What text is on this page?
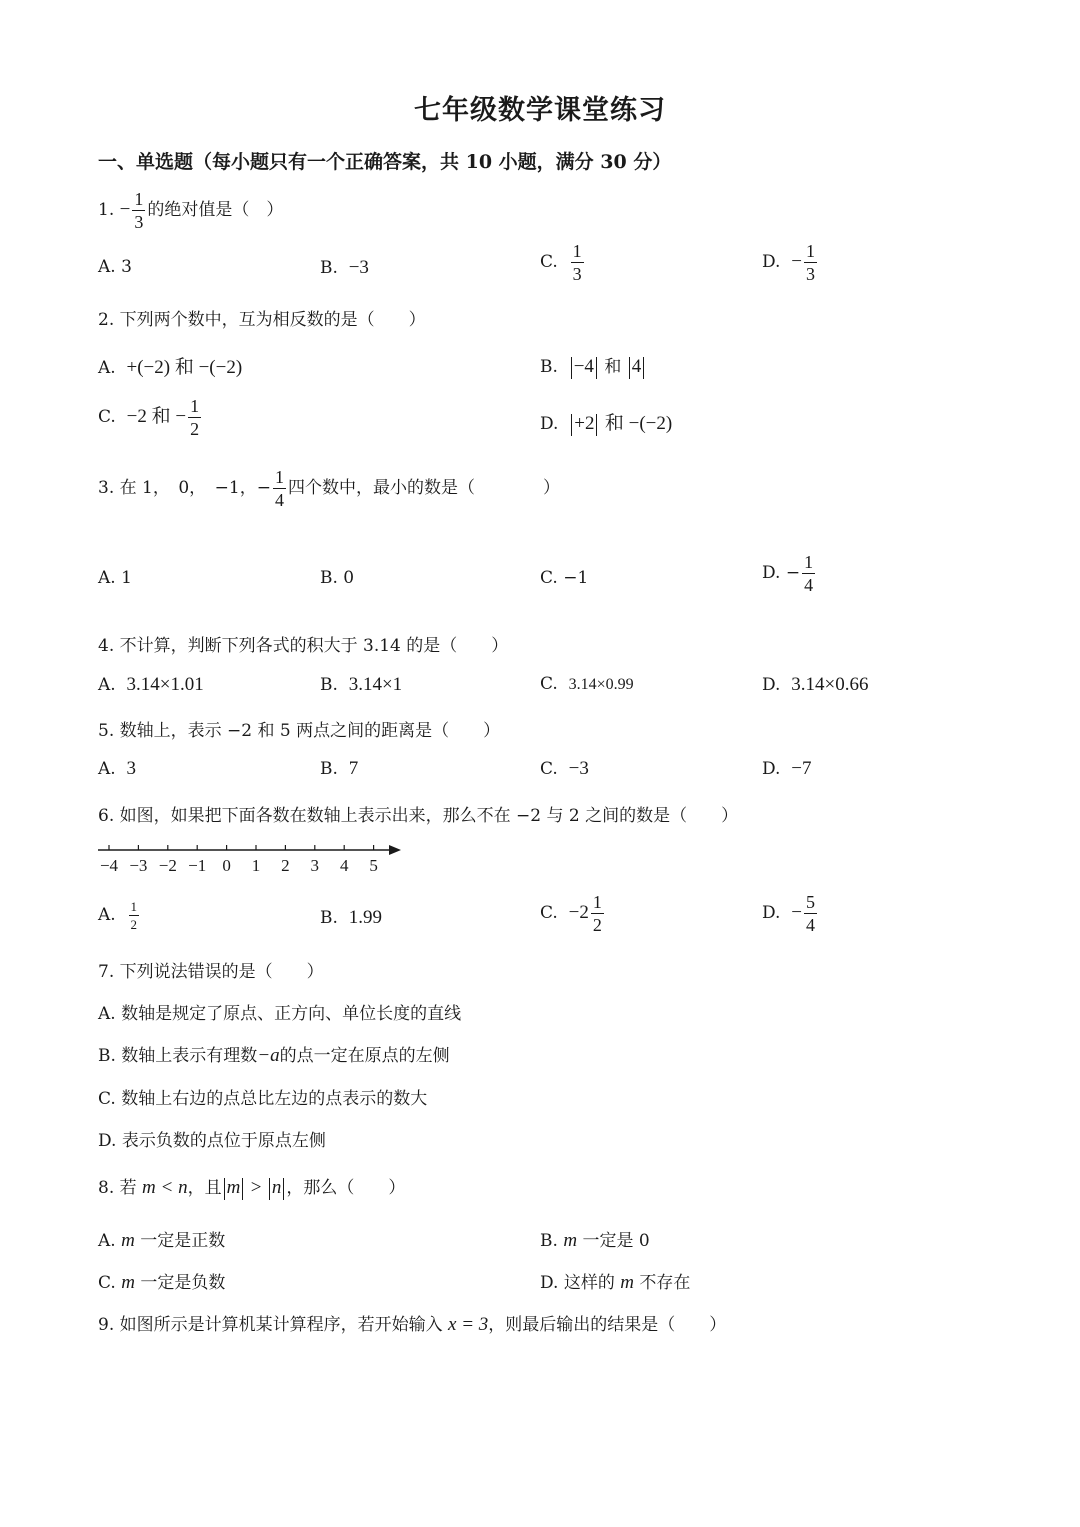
七年级数学课堂练习
一、单选题（每小题只有一个正确答案，共 10 小题，满分 30 分）
1. − $\frac{1}{3}$ 的绝对值是（　）
A. 3	B. −3	C. $\frac{1}{3}$	D. − $\frac{1}{3}$
2. 下列两个数中，互为相反数的是（　　）
A. +(−2) 和 −(−2)	B. −4 和 4
C. −2 和 − $\frac{1}{2}$	D. +2 和 −(−2)
3. 在 1，　0，　−1，− $\frac{1}{4}$ 四个数中，最小的数是（　　　　）
A. 1	B. 0	C. −1	D. − $\frac{1}{4}$
4. 不计算，判断下列各式的积大于 3.14 的是（　　）
A. 3.14×1.01	B. 3.14×1	C. 3.14×0.99	D. 3.14×0.66
5. 数轴上，表示 −2 和 5 两点之间的距离是（　　）
A. 3	B. 7	C. −3	D. −7
6. 如图，如果把下面各数在数轴上表示出来，那么不在 −2 与 2 之间的数是（　　）
−4 −3 −2 −1 0 1 2 3 4 5
A. $\frac{1}{2}$	B. 1.99	C. $-2 \frac{1}{2}$	D. − $\frac{5}{4}$
7. 下列说法错误的是（　　）
A. 数轴是规定了原点、正方向、单位长度的直线
B. 数轴上表示有理数−a的点一定在原点的左侧
C. 数轴上右边的点总比左边的点表示的数大
D. 表示负数的点位于原点左侧
8. 若 m < n，且 m > n ，那么（　　）
A. m 一定是正数	B. m 一定是 0
C. m 一定是负数	D. 这样的 m 不存在
9. 如图所示是计算机某计算程序，若开始输入 x = 3，则最后输出的结果是（　　）
